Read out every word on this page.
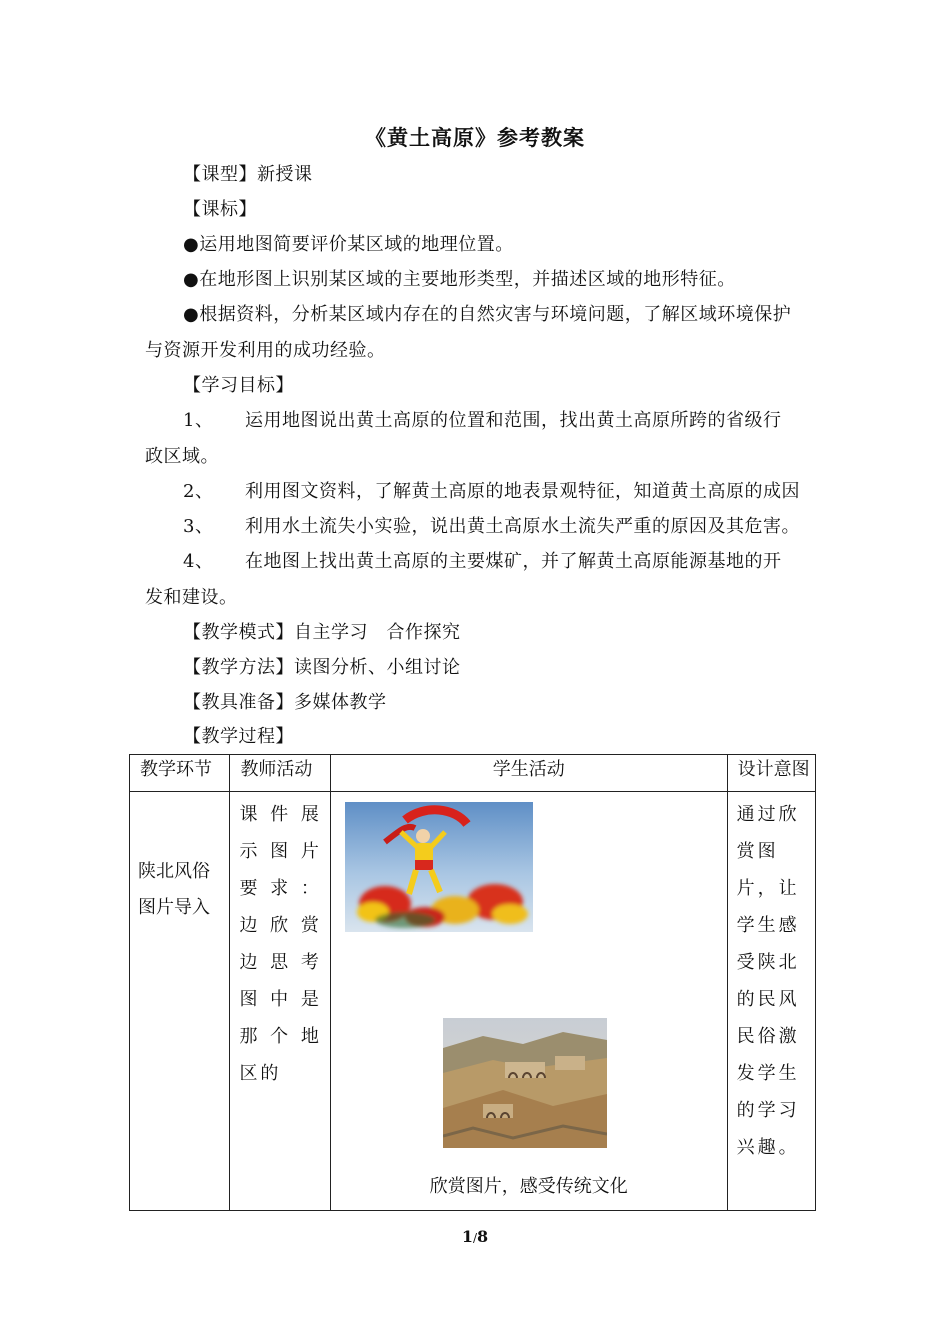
《黄土高原》参考教案
【课型】新授课
【课标】
●运用地图简要评价某区域的地理位置。
●在地形图上识别某区域的主要地形类型，并描述区域的地形特征。
●根据资料，分析某区域内存在的自然灾害与环境问题，了解区域环境保护
与资源开发利用的成功经验。
【学习目标】
1、 运用地图说出黄土高原的位置和范围，找出黄土高原所跨的省级行
政区域。
2、 利用图文资料，了解黄土高原的地表景观特征，知道黄土高原的成因
3、 利用水土流失小实验，说出黄土高原水土流失严重的原因及其危害。
4、 在地图上找出黄土高原的主要煤矿，并了解黄土高原能源基地的开
发和建设。
【教学模式】自主学习　合作探究
【教学方法】读图分析、小组讨论
【教具准备】多媒体教学
【教学过程】
教学环节	教师活动	学生活动	设计意图

陕北风俗图片导入	课件展示图片要求：边欣赏边思考图中是那个地区的	欣赏图片，感受传统文化	通过欣赏图片，让学生感受陕北的民风民俗激发学生的学习兴趣。
1/8
